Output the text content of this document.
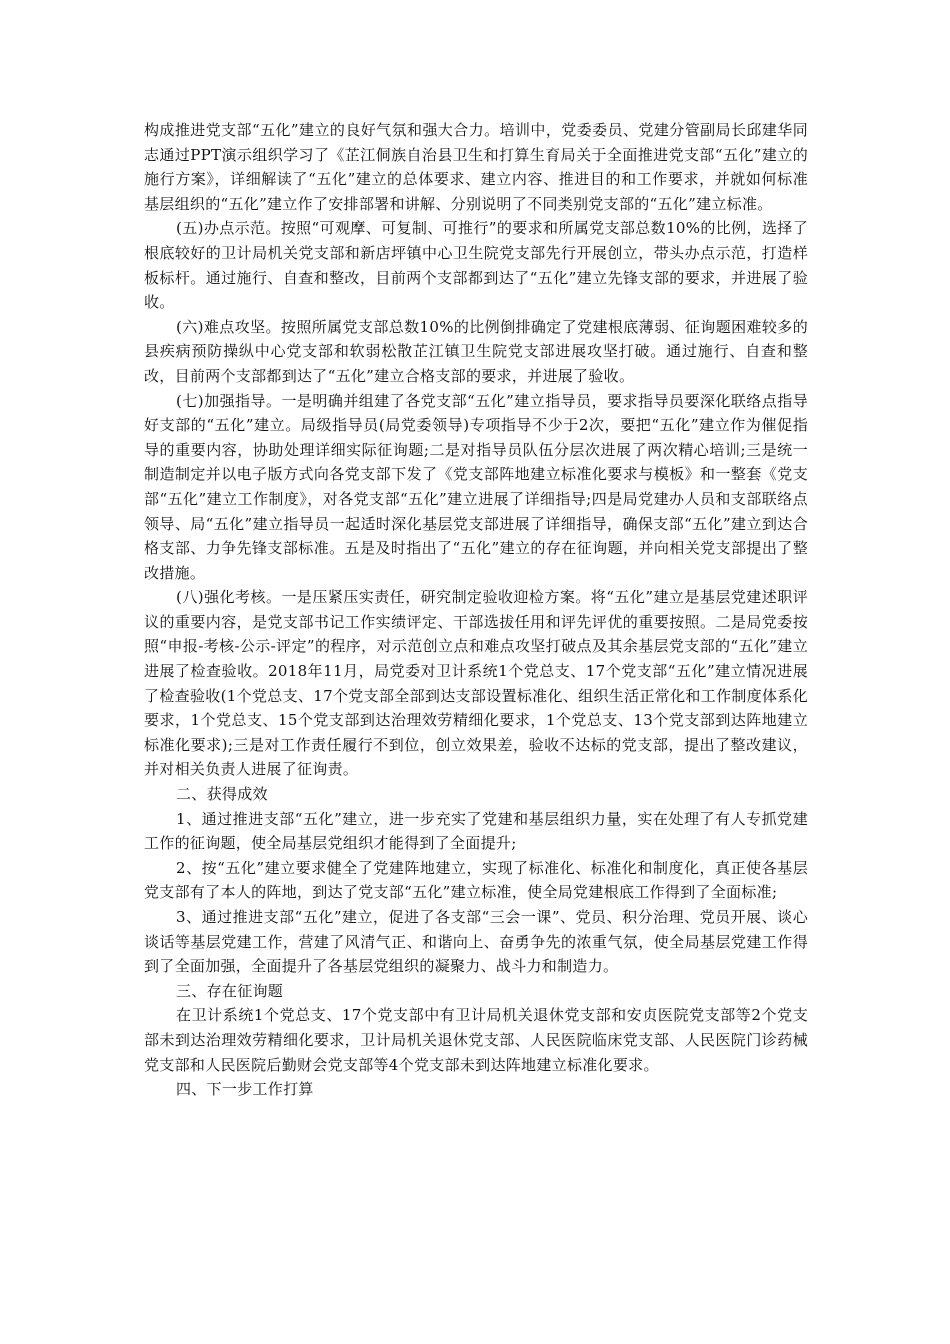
构成推进党支部“五化”建立的良好气氛和强大合力。培训中，党委委员、党建分管副局长邱建华同志通过PPT演示组织学习了《芷江侗族自治县卫生和打算生育局关于全面推进党支部“五化”建立的施行方案》，详细解读了“五化”建立的总体要求、建立内容、推进目的和工作要求，并就如何标准基层组织的“五化”建立作了安排部署和讲解、分别说明了不同类别党支部的“五化”建立标准。

(五)办点示范。按照“可观摩、可复制、可推行”的要求和所属党支部总数10%的比例，选择了根底较好的卫计局机关党支部和新店坪镇中心卫生院党支部先行开展创立，带头办点示范，打造样板标杆。通过施行、自查和整改，目前两个支部都到达了“五化”建立先锋支部的要求，并进展了验收。

(六)难点攻坚。按照所属党支部总数10%的比例倒排确定了党建根底薄弱、征询题困难较多的县疾病预防操纵中心党支部和软弱松散芷江镇卫生院党支部进展攻坚打破。通过施行、自查和整改，目前两个支部都到达了“五化”建立合格支部的要求，并进展了验收。

(七)加强指导。一是明确并组建了各党支部“五化”建立指导员，要求指导员要深化联络点指导好支部的“五化”建立。局级指导员(局党委领导)专项指导不少于2次，要把“五化”建立作为催促指导的重要内容，协助处理详细实际征询题;二是对指导员队伍分层次进展了两次精心培训;三是统一制造制定并以电子版方式向各党支部下发了《党支部阵地建立标准化要求与模板》和一整套《党支部“五化”建立工作制度》，对各党支部“五化”建立进展了详细指导;四是局党建办人员和支部联络点领导、局“五化”建立指导员一起适时深化基层党支部进展了详细指导，确保支部“五化”建立到达合格支部、力争先锋支部标准。五是及时指出了“五化”建立的存在征询题，并向相关党支部提出了整改措施。

(八)强化考核。一是压紧压实责任，研究制定验收迎检方案。将“五化”建立是基层党建述职评议的重要内容，是党支部书记工作实绩评定、干部选拔任用和评先评优的重要按照。二是局党委按照“申报-考核-公示-评定”的程序，对示范创立点和难点攻坚打破点及其余基层党支部的“五化”建立进展了检查验收。2018年11月，局党委对卫计系统1个党总支、17个党支部“五化”建立情况进展了检查验收(1个党总支、17个党支部全部到达支部设置标准化、组织生活正常化和工作制度体系化要求，1个党总支、15个党支部到达治理效劳精细化要求，1个党总支、13个党支部到达阵地建立标准化要求);三是对工作责任履行不到位，创立效果差，验收不达标的党支部，提出了整改建议，并对相关负责人进展了征询责。

二、获得成效

1、通过推进支部“五化”建立，进一步充实了党建和基层组织力量，实在处理了有人专抓党建工作的征询题，使全局基层党组织才能得到了全面提升;

2、按“五化”建立要求健全了党建阵地建立，实现了标准化、标准化和制度化，真正使各基层党支部有了本人的阵地，到达了党支部“五化”建立标准，使全局党建根底工作得到了全面标准;

3、通过推进支部“五化”建立，促进了各支部“三会一课”、党员、积分治理、党员开展、谈心谈话等基层党建工作，营建了风清气正、和谐向上、奋勇争先的浓重气氛，使全局基层党建工作得到了全面加强，全面提升了各基层党组织的凝聚力、战斗力和制造力。

三、存在征询题

在卫计系统1个党总支、17个党支部中有卫计局机关退休党支部和安贞医院党支部等2个党支部未到达治理效劳精细化要求，卫计局机关退休党支部、人民医院临床党支部、人民医院门诊药械党支部和人民医院后勤财会党支部等4个党支部未到达阵地建立标准化要求。

四、下一步工作打算
